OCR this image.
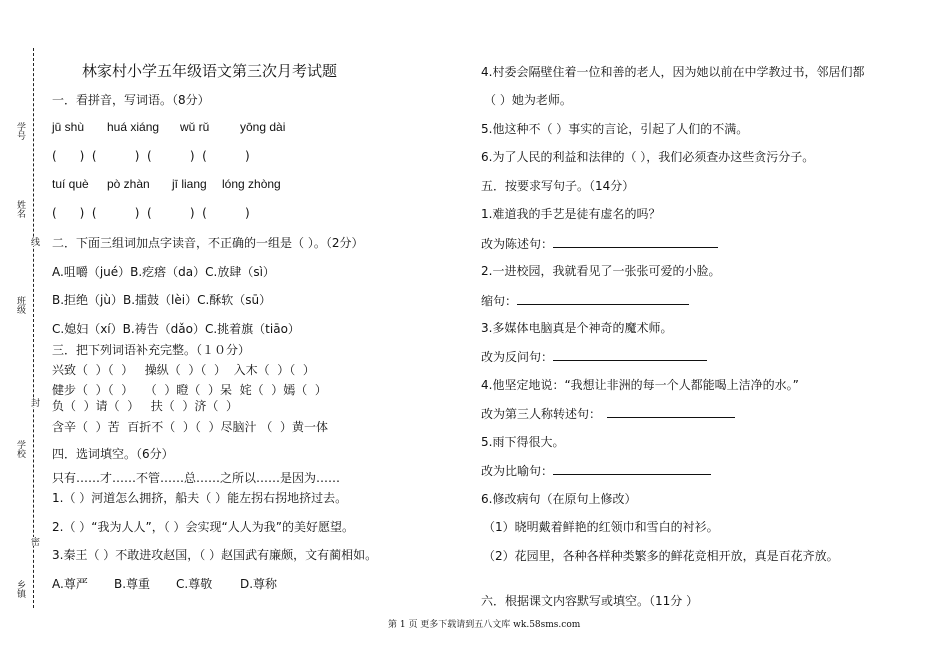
学号
姓名
线
班级
封
学校
密
乡镇
林家村小学五年级语文第三次月考试题
一．看拼音，写词语。（8分）
jū shù huá xiáng wǔ rǔ	yōng dài
(      )  (          )  (          )  (          )
tuí què pò zhàn jī liang lóng zhòng
(      )  (          )  (          )  (          )
二．下面三组词加点字读音，不正确的一组是（ ）。（2分）
A.咀嚼（jué）B.疙瘩（da）C.放肆（sì）
B.拒绝（jù）B.擂鼓（lèi）C.酥软（sū）
C.媳妇（xí）B.祷告（dǎo）C.挑着旗（tiāo）
三．把下列词语补充完整。（１０分）
兴致（  ）（  ）   操纵（  ）（  ）  入木（  ）（  ）
健步（  ）（  ）   （  ）瞪（  ）呆  姹（  ）嫣（  ）
负（  ）请（  ）   扶（  ）济（  ）
含辛（  ）苦  百折不（  ）（  ）尽脑汁 （  ）黄一体
四．选词填空。（6分）
只有……才……不管……总……之所以……是因为……
1.（ ）河道怎么拥挤，船夫（ ）能左拐右拐地挤过去。
2.（ ）“我为人人”，（ ）会实现“人人为我”的美好愿望。
3.秦王（ ）不敢进攻赵国，（ ）赵国武有廉颇，文有蔺相如。
A.尊严 B.尊重 C.尊敬 D.尊称
4.村委会隔壁住着一位和善的老人，因为她以前在中学教过书，邻居们都
（ ）她为老师。
5.他这种不（ ）事实的言论，引起了人们的不满。
6.为了人民的利益和法律的（ ），我们必须查办这些贪污分子。
五．按要求写句子。（14分）
1.难道我的手艺是徒有虚名的吗？
改为陈述句：
2.一进校园，我就看见了一张张可爱的小脸。
缩句：
3.多媒体电脑真是个神奇的魔术师。
改为反问句：
4.他坚定地说：“我想让非洲的每一个人都能喝上洁净的水。”
改为第三人称转述句：
5.雨下得很大。
改为比喻句：
6.修改病句（在原句上修改）
（1）晓明戴着鲜艳的红领巾和雪白的衬衫。
（2）花园里，各种各样种类繁多的鲜花竞相开放，真是百花齐放。
六．根据课文内容默写或填空。（11分 ）
第 1 页 更多下载请到五八文库 wk.58sms.com
